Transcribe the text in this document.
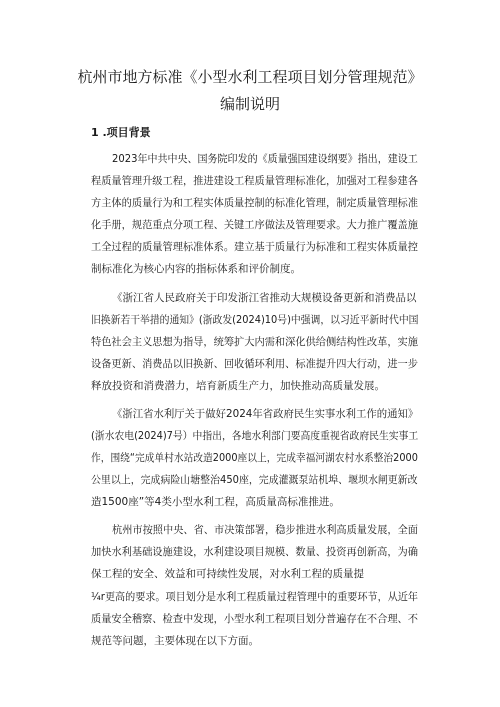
杭州市地方标准《小型水利工程项目划分管理规范》
编制说明
1 .项目背景
2023年中共中央、国务院印发的《质量强国建设纲要》指出，建设工
程质量管理升级工程，推进建设工程质量管理标准化，加强对工程参建各
方主体的质量行为和工程实体质量控制的标准化管理，制定质量管理标准
化手册，规范重点分项工程、关键工序做法及管理要求。大力推广覆盖施
工全过程的质量管理标准体系。建立基于质量行为标准和工程实体质量控
制标准化为核心内容的指标体系和评价制度。
《浙江省人民政府关于印发浙江省推动大规模设备更新和消费品以
旧换新若干举措的通知》(浙政发(2024)10号)中强调，以习近平新时代中国
特色社会主义思想为指导，统筹扩大内需和深化供给侧结构性改革，实施
设备更新、消费品以旧换新、回收循环利用、标准提升四大行动，进一步
释放投资和消费潜力，培育新质生产力，加快推动高质量发展。
《浙江省水利厅关于做好2024年省政府民生实事水利工作的通知》
(浙水农电(2024)7号）中指出，各地水利部门要高度重视省政府民生实事工
作，围绕“完成单村水站改造2000座以上，完成幸福河湖农村水系整治2000
公里以上，完成病险山塘整治450座，完成灌溉泵站机埠、堰坝水闸更新改
造1500座”等4类小型水利工程，高质量高标准推进。
杭州市按照中央、省、市决策部署，稳步推进水利高质量发展，全面
加快水利基础设施建设，水利建设项目规模、数量、投资再创新高，为确
保工程的安全、效益和可持续性发展，对水利工程的质量提
¼r更高的要求。项目划分是水利工程质量过程管理中的重要环节，从近年
质量安全稽察、检查中发现，小型水利工程项目划分普遍存在不合理、不
规范等问题，主要体现在以下方面。
